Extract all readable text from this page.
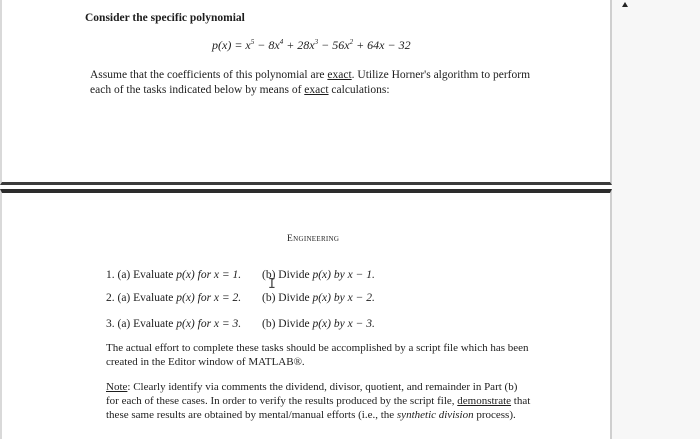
Consider the specific polynomial
$p(x) = x^5 - 8x^4 + 28x^3 - 56x^2 + 64x - 32$
Assume that the coefficients of this polynomial are exact. Utilize Horner's algorithm to perform
each of the tasks indicated below by means of exact calculations:
Engineering
1. (a) Evaluate p(x) for x = 1. (b) Divide p(x) by x − 1.
I
2. (a) Evaluate p(x) for x = 2. (b) Divide p(x) by x − 2.
3. (a) Evaluate p(x) for x = 3. (b) Divide p(x) by x − 3.
The actual effort to complete these tasks should be accomplished by a script file which has been
created in the Editor window of MATLAB®.
Note: Clearly identify via comments the dividend, divisor, quotient, and remainder in Part (b)
for each of these cases. In order to verify the results produced by the script file, demonstrate that
these same results are obtained by mental/manual efforts (i.e., the synthetic division process).
